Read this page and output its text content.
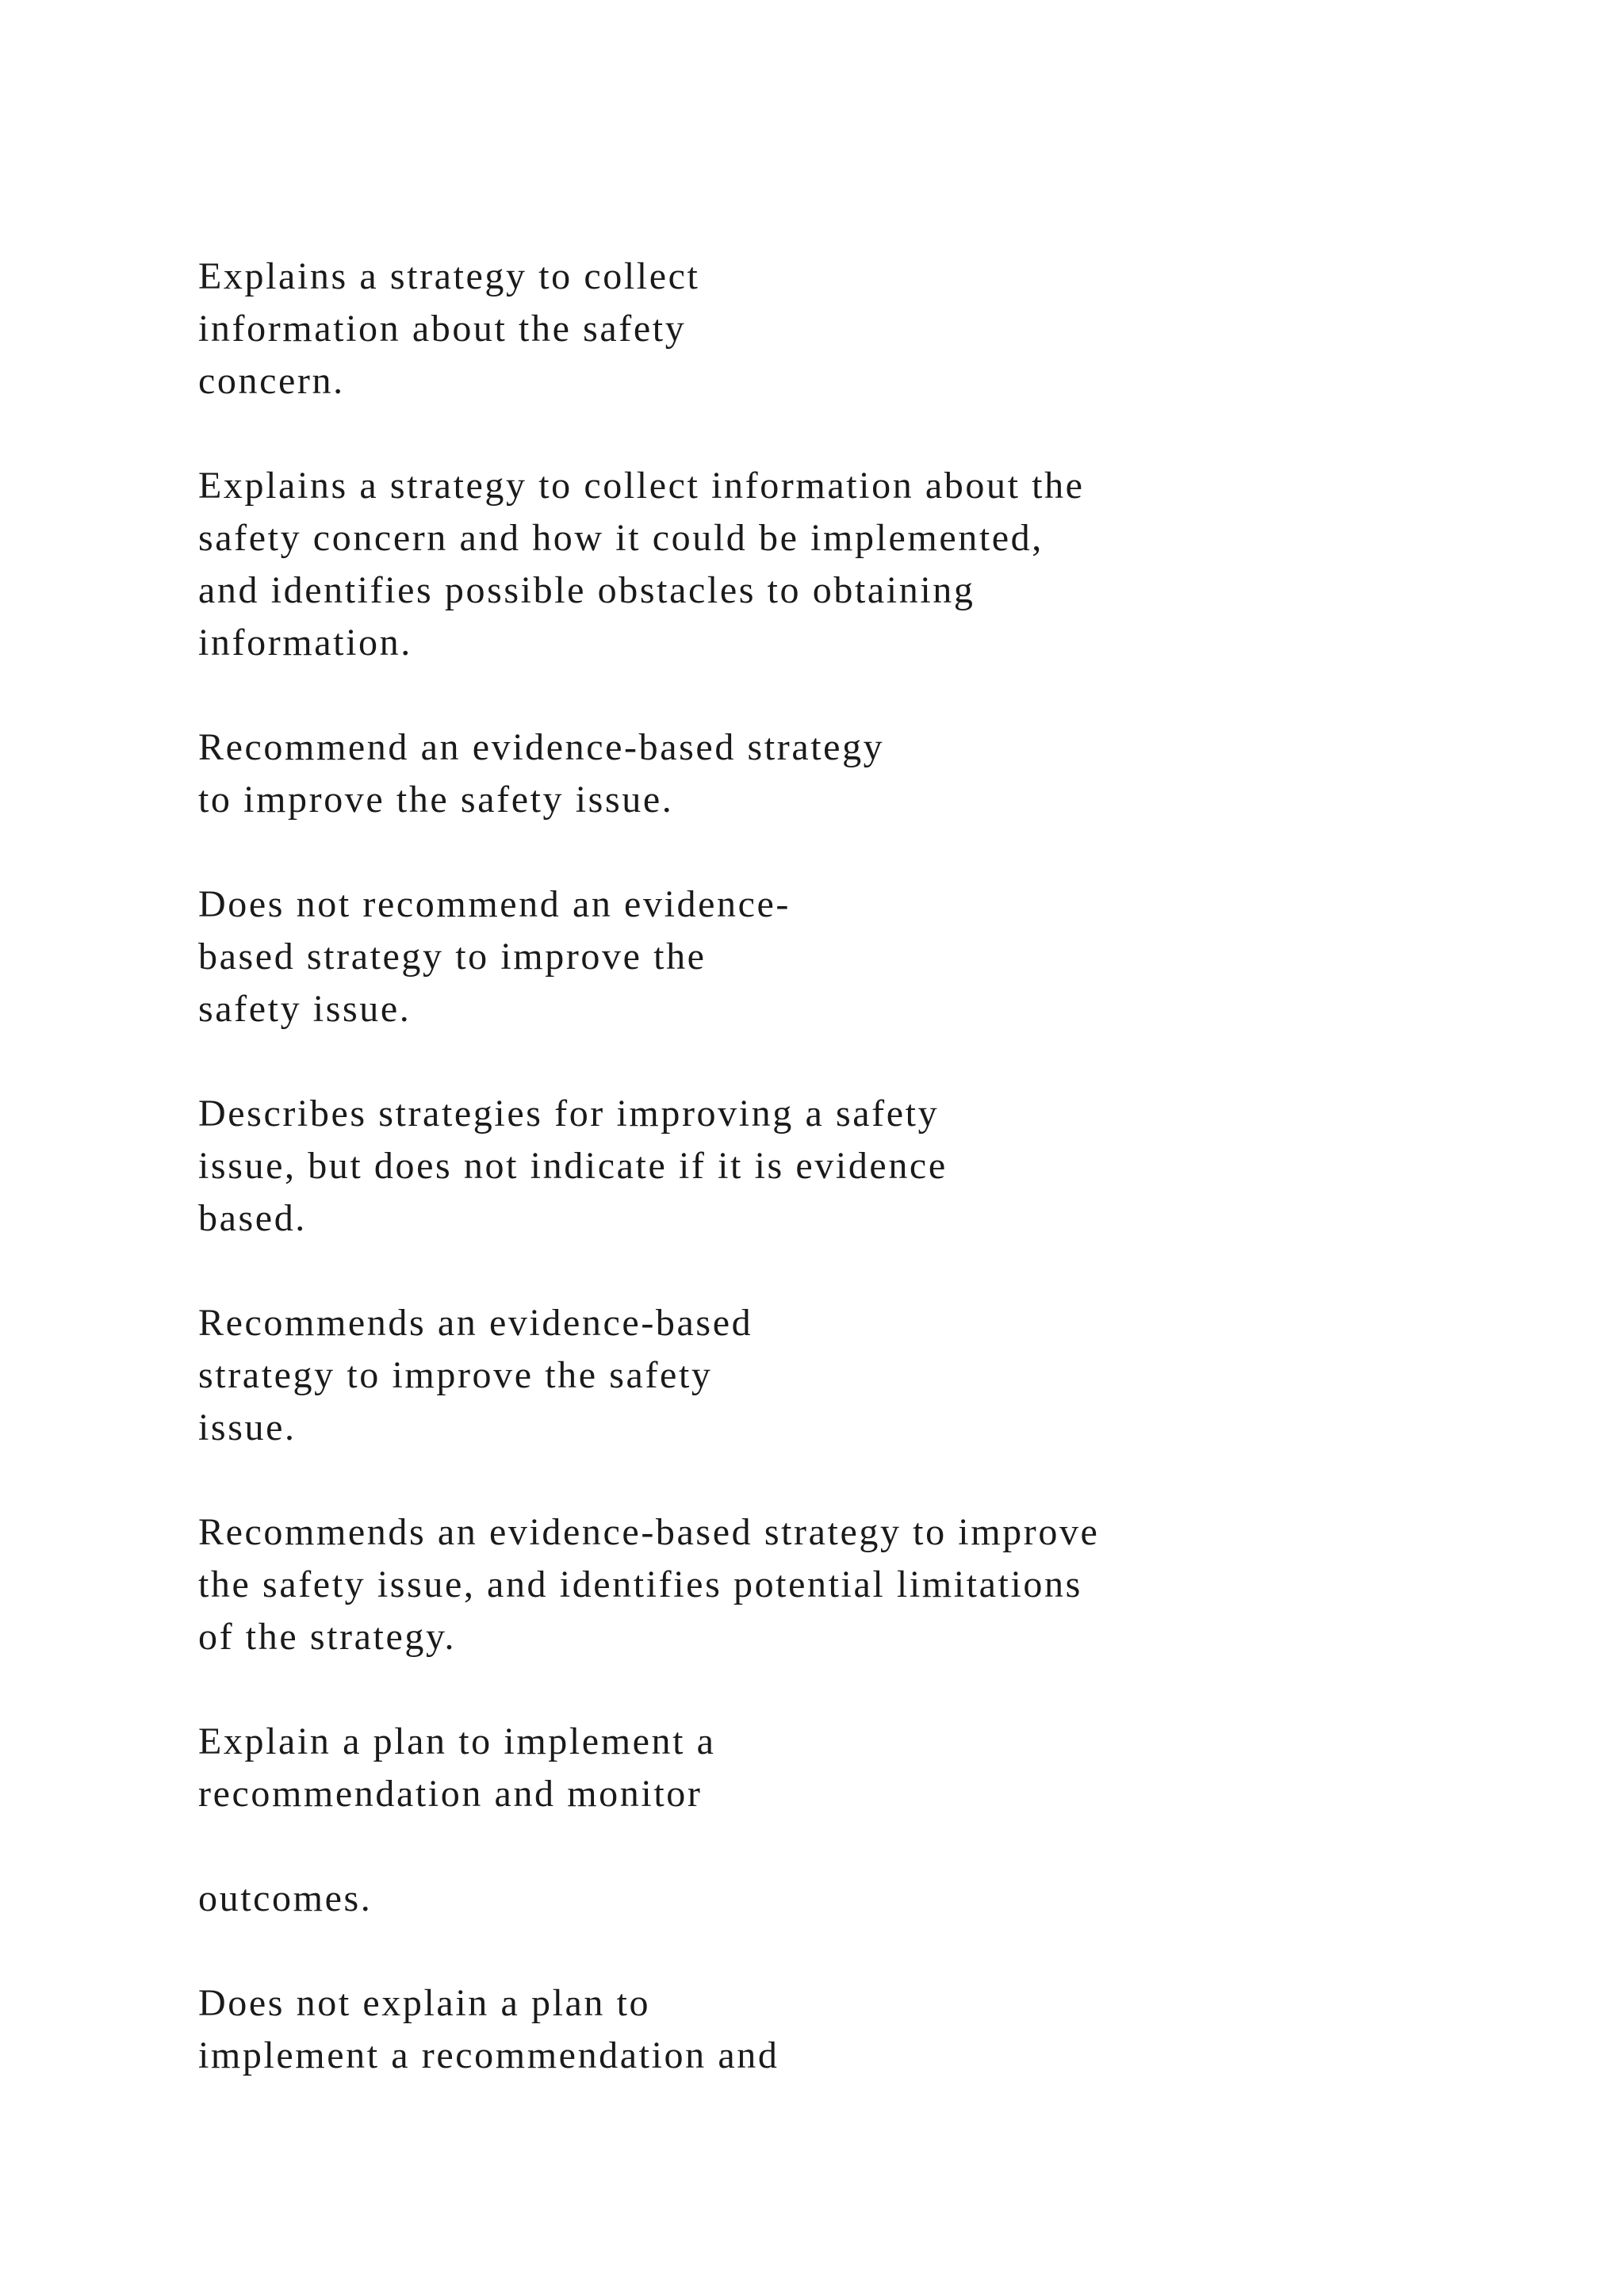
Explains a strategy to collect
information about the safety
concern.

Explains a strategy to collect information about the
safety concern and how it could be implemented,
and identifies possible obstacles to obtaining
information.

Recommend an evidence-based strategy
to improve the safety issue.

Does not recommend an evidence-
based strategy to improve the
safety issue.

Describes strategies for improving a safety
issue, but does not indicate if it is evidence
based.

Recommends an evidence-based
strategy to improve the safety
issue.

Recommends an evidence-based strategy to improve
the safety issue, and identifies potential limitations
of the strategy.

Explain a plan to implement a
recommendation and monitor

outcomes.

Does not explain a plan to
implement a recommendation and
